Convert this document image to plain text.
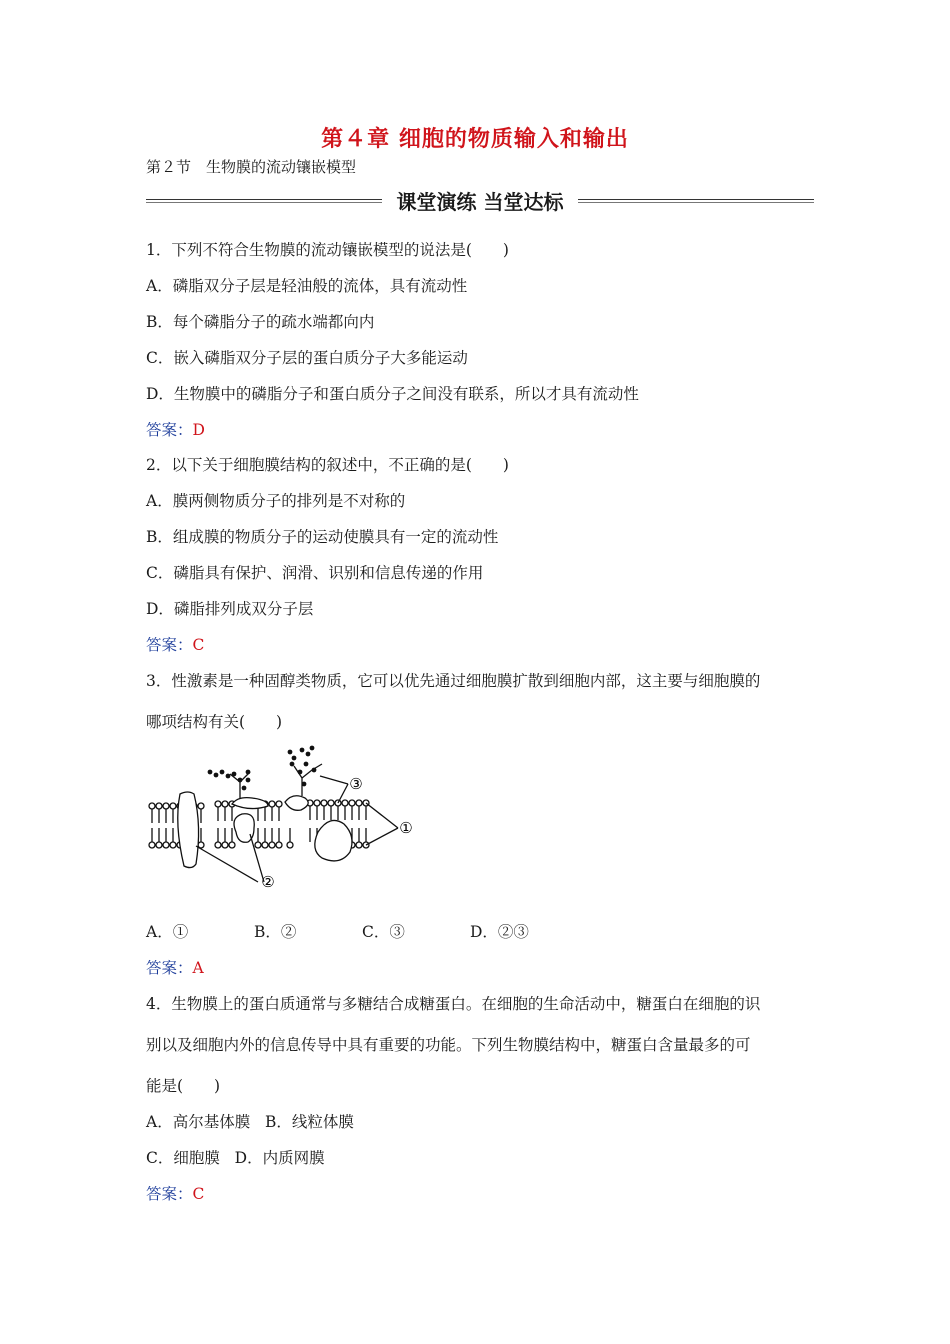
第４章 细胞的物质输入和输出
第２节　生物膜的流动镶嵌模型
课堂演练 当堂达标
1．下列不符合生物膜的流动镶嵌模型的说法是(　　)
A．磷脂双分子层是轻油般的流体，具有流动性
B．每个磷脂分子的疏水端都向内
C．嵌入磷脂双分子层的蛋白质分子大多能运动
D．生物膜中的磷脂分子和蛋白质分子之间没有联系，所以才具有流动性
答案：D
2．以下关于细胞膜结构的叙述中，不正确的是(　　)
A．膜两侧物质分子的排列是不对称的
B．组成膜的物质分子的运动使膜具有一定的流动性
C．磷脂具有保护、润滑、识别和信息传递的作用
D．磷脂排列成双分子层
答案：C
3．性激素是一种固醇类物质，它可以优先通过细胞膜扩散到细胞内部，这主要与细胞膜的
哪项结构有关(　　)
①
③
②
A．①	B．②	C．③	D．②③
答案：A
4．生物膜上的蛋白质通常与多糖结合成糖蛋白。在细胞的生命活动中，糖蛋白在细胞的识
别以及细胞内外的信息传导中具有重要的功能。下列生物膜结构中，糖蛋白含量最多的可
能是(　　)
A．高尔基体膜 B．线粒体膜
C．细胞膜 D．内质网膜
答案：C
